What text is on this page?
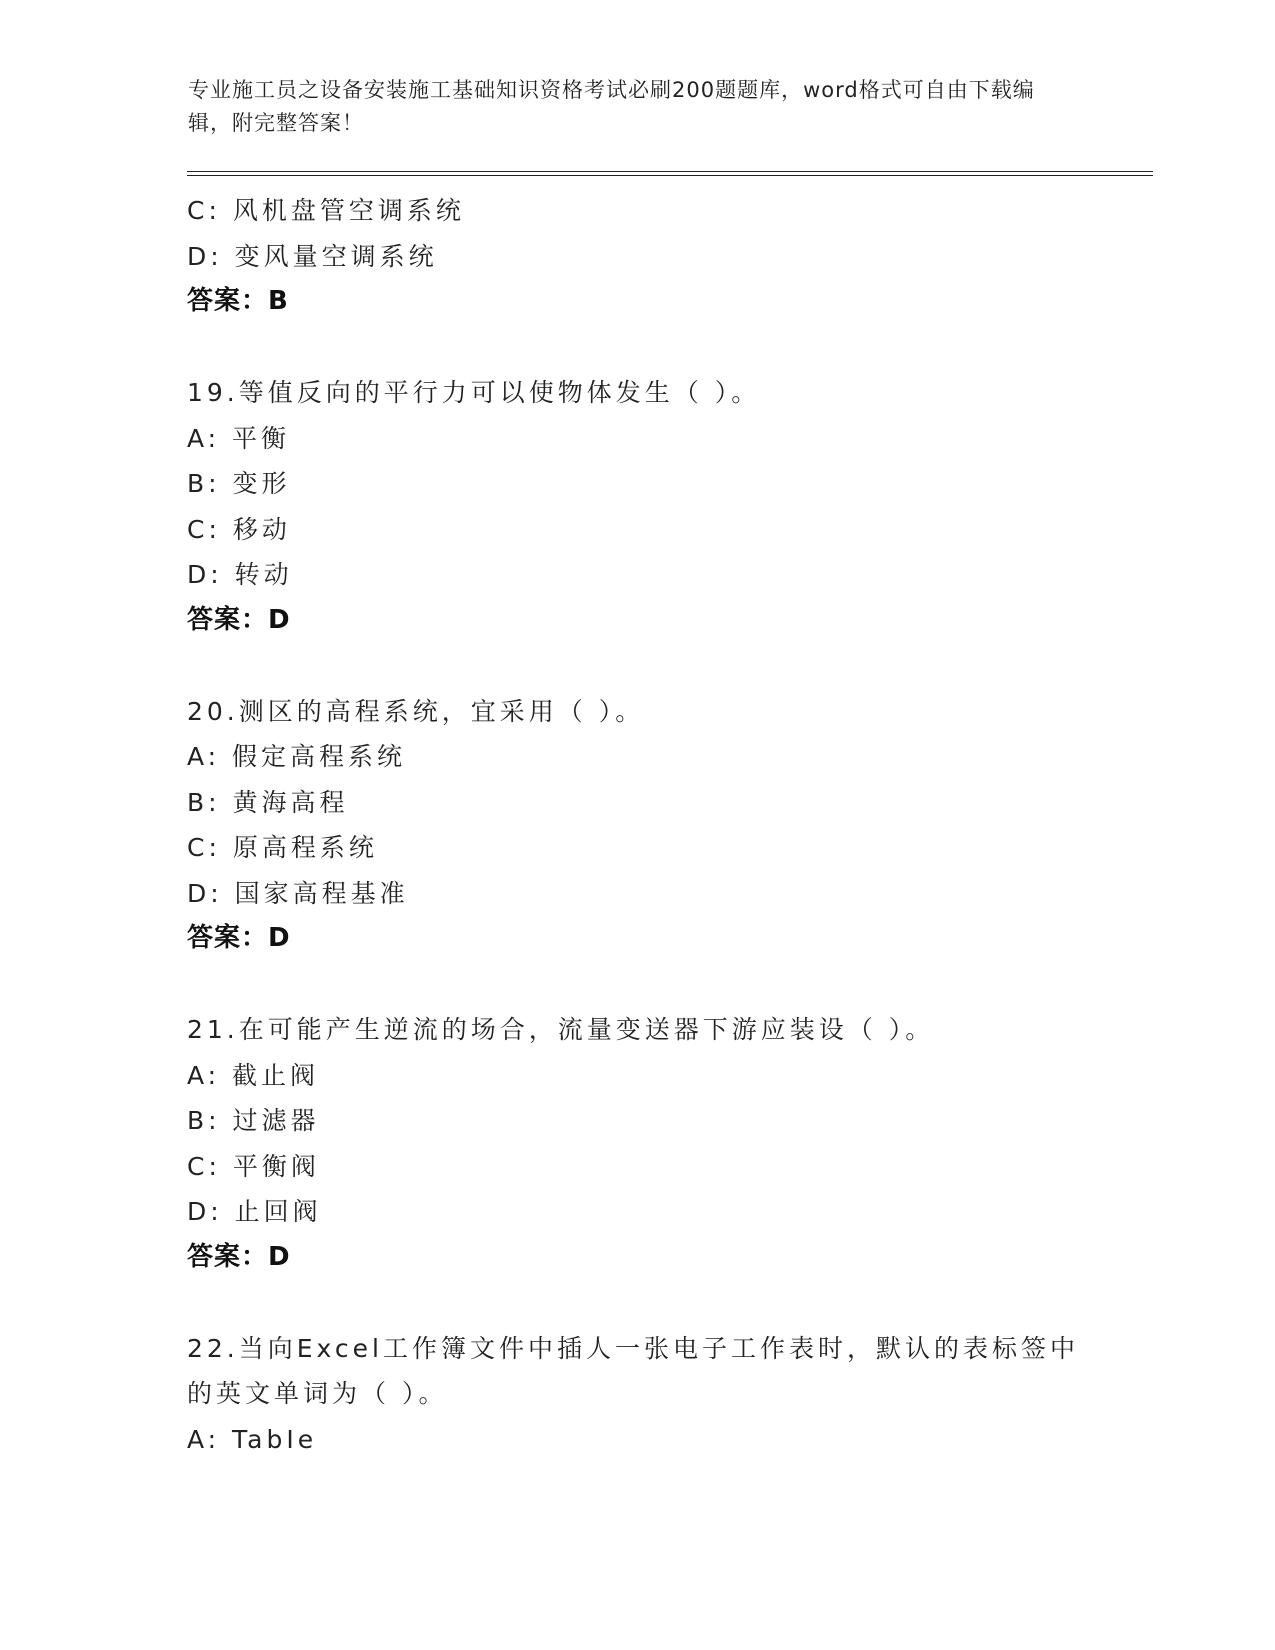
专业施工员之设备安装施工基础知识资格考试必刷200题题库，word格式可自由下载编辑，附完整答案！
C: 风机盘管空调系统
D: 变风量空调系统
答案：B
19.等值反向的平行力可以使物体发生（ ）。
A: 平衡
B: 变形
C: 移动
D: 转动
答案：D
20.测区的高程系统，宜采用（ ）。
A: 假定高程系统
B: 黄海高程
C: 原高程系统
D: 国家高程基准
答案：D
21.在可能产生逆流的场合，流量变送器下游应装设（ ）。
A: 截止阀
B: 过滤器
C: 平衡阀
D: 止回阀
答案：D
22.当向Excel工作簿文件中插人一张电子工作表时，默认的表标签中
的英文单词为（ ）。
A: TabIe
